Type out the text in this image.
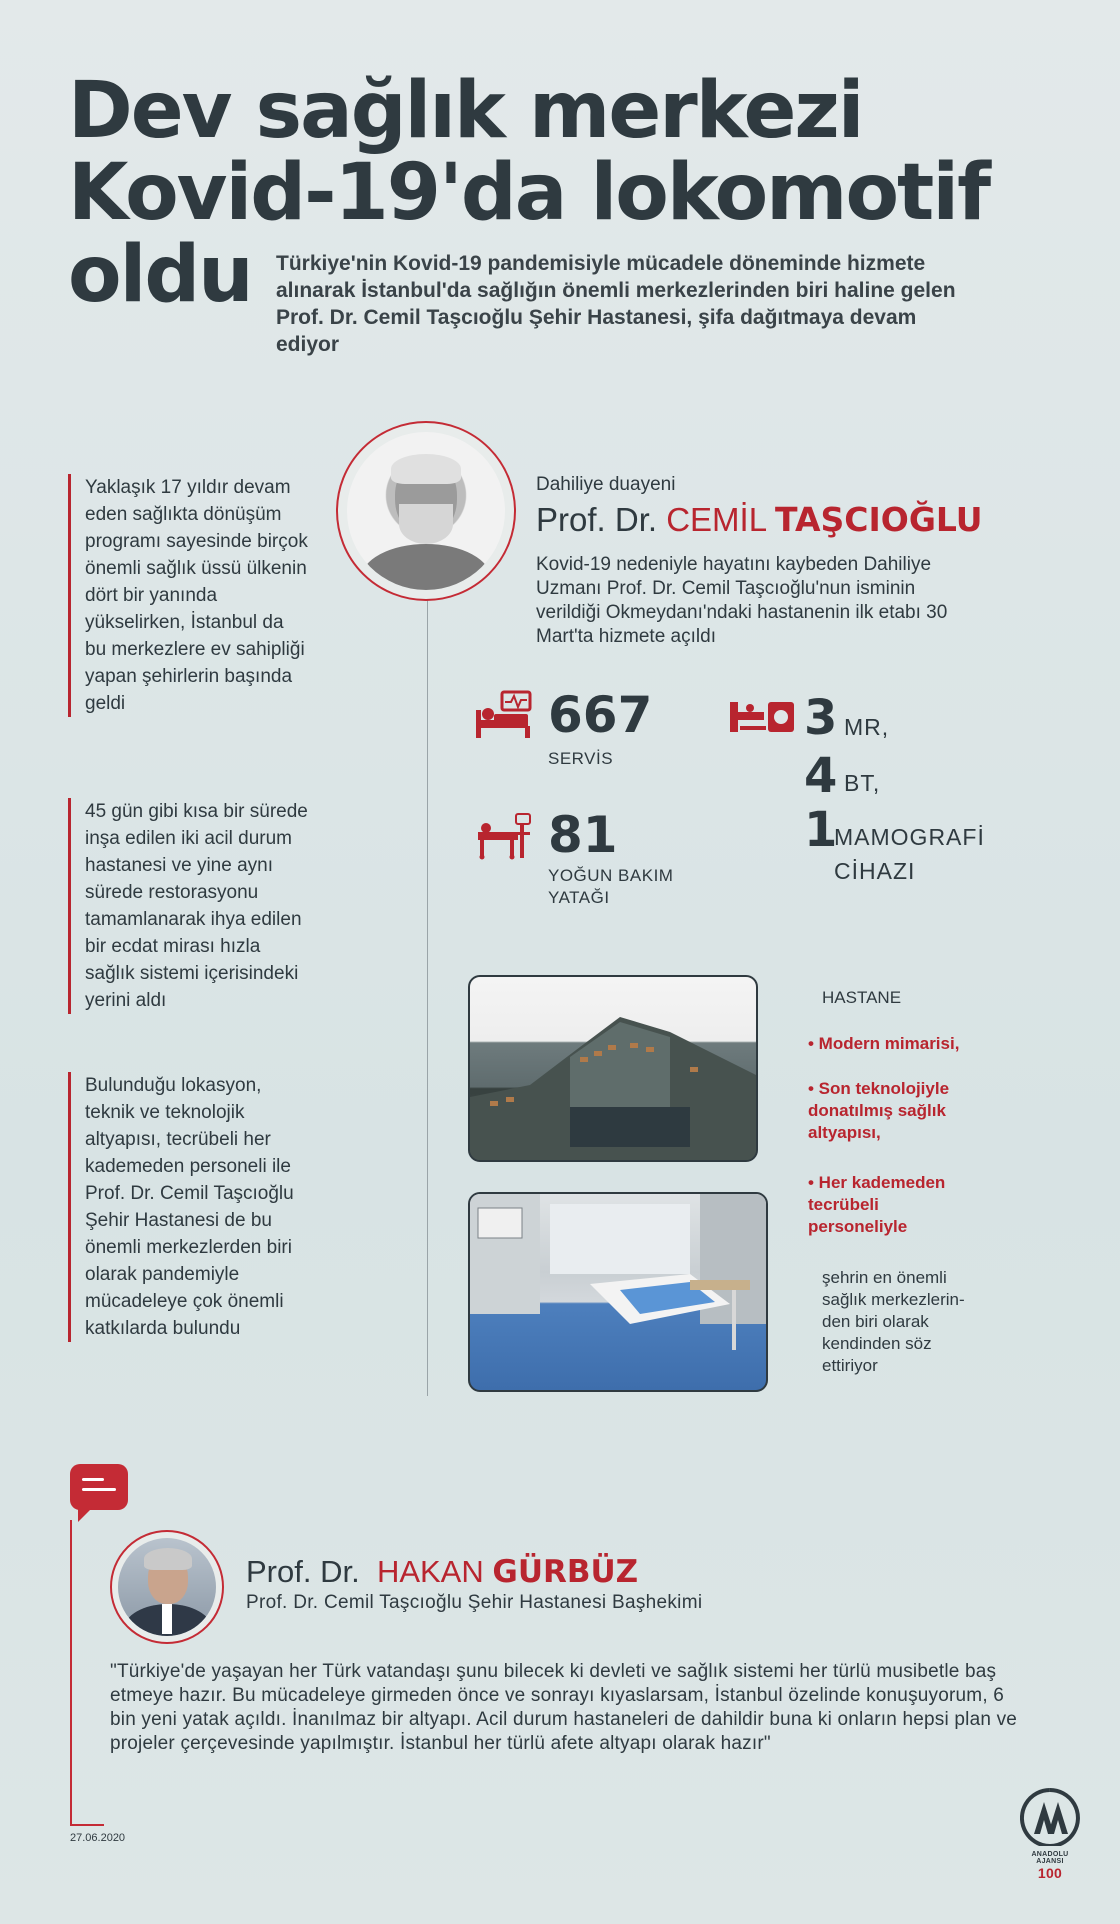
Dev sağlık merkezi
Kovid-19'da lokomotif
oldu	Türkiye'nin Kovid-19 pandemisiyle mücadele döneminde hizmete alınarak İstanbul'da sağlığın önemli merkezlerinden biri haline gelen Prof. Dr. Cemil Taşcıoğlu Şehir Hastanesi, şifa dağıtmaya devam ediyor

Yaklaşık 17 yıldır devam eden sağlıkta dönüşüm programı sayesinde birçok önemli sağlık üssü ülkenin dört bir yanında yükselirken, İstanbul da bu merkezlere ev sahipliği yapan şehirlerin başında geldi

45 gün gibi kısa bir sürede inşa edilen iki acil durum hastanesi ve yine aynı sürede restorasyonu tamamlanarak ihya edilen bir ecdat mirası hızla sağlık sistemi içerisindeki yerini aldı

Bulunduğu lokasyon, teknik ve teknolojik altyapısı, tecrübeli her kademeden personeli ile Prof. Dr. Cemil Taşcıoğlu Şehir Hastanesi de bu önemli merkezlerden biri olarak pandemiyle mücadeleye çok önemli katkılarda bulundu

Dahiliye duayeni
Prof. Dr. CEMİL TAŞCIOĞLU
Kovid-19 nedeniyle hayatını kaybeden Dahiliye Uzmanı Prof. Dr. Cemil Taşcıoğlu'nun isminin verildiği Okmeydanı'ndaki hastanenin ilk etabı 30 Mart'ta hizmete açıldı
667
SERVİS
81
YOĞUN BAKIM
YATAĞI
3 MR,
4 BT,
1
MAMOGRAFİ
CİHAZI
HASTANE
• Modern mimarisi,
• Son teknolojiyle donatılmış sağlık altyapısı,
• Her kademeden tecrübeli personeliyle
şehrin en önemli sağlık merkezlerin-den biri olarak kendinden söz ettiriyor
Prof. Dr. HAKAN GÜRBÜZ
Prof. Dr. Cemil Taşcıoğlu Şehir Hastanesi Başhekimi
"Türkiye'de yaşayan her Türk vatandaşı şunu bilecek ki devleti ve sağlık sistemi her türlü musibetle baş etmeye hazır. Bu mücadeleye girmeden önce ve sonrayı kıyaslarsam, İstanbul özelinde konuşuyorum, 6 bin yeni yatak açıldı. İnanılmaz bir altyapı. Acil durum hastaneleri de dahildir buna ki onların hepsi plan ve projeler çerçevesinde yapılmıştır. İstanbul her türlü afete altyapı olarak hazır"
27.06.2020
ANADOLU AJANSI
100
